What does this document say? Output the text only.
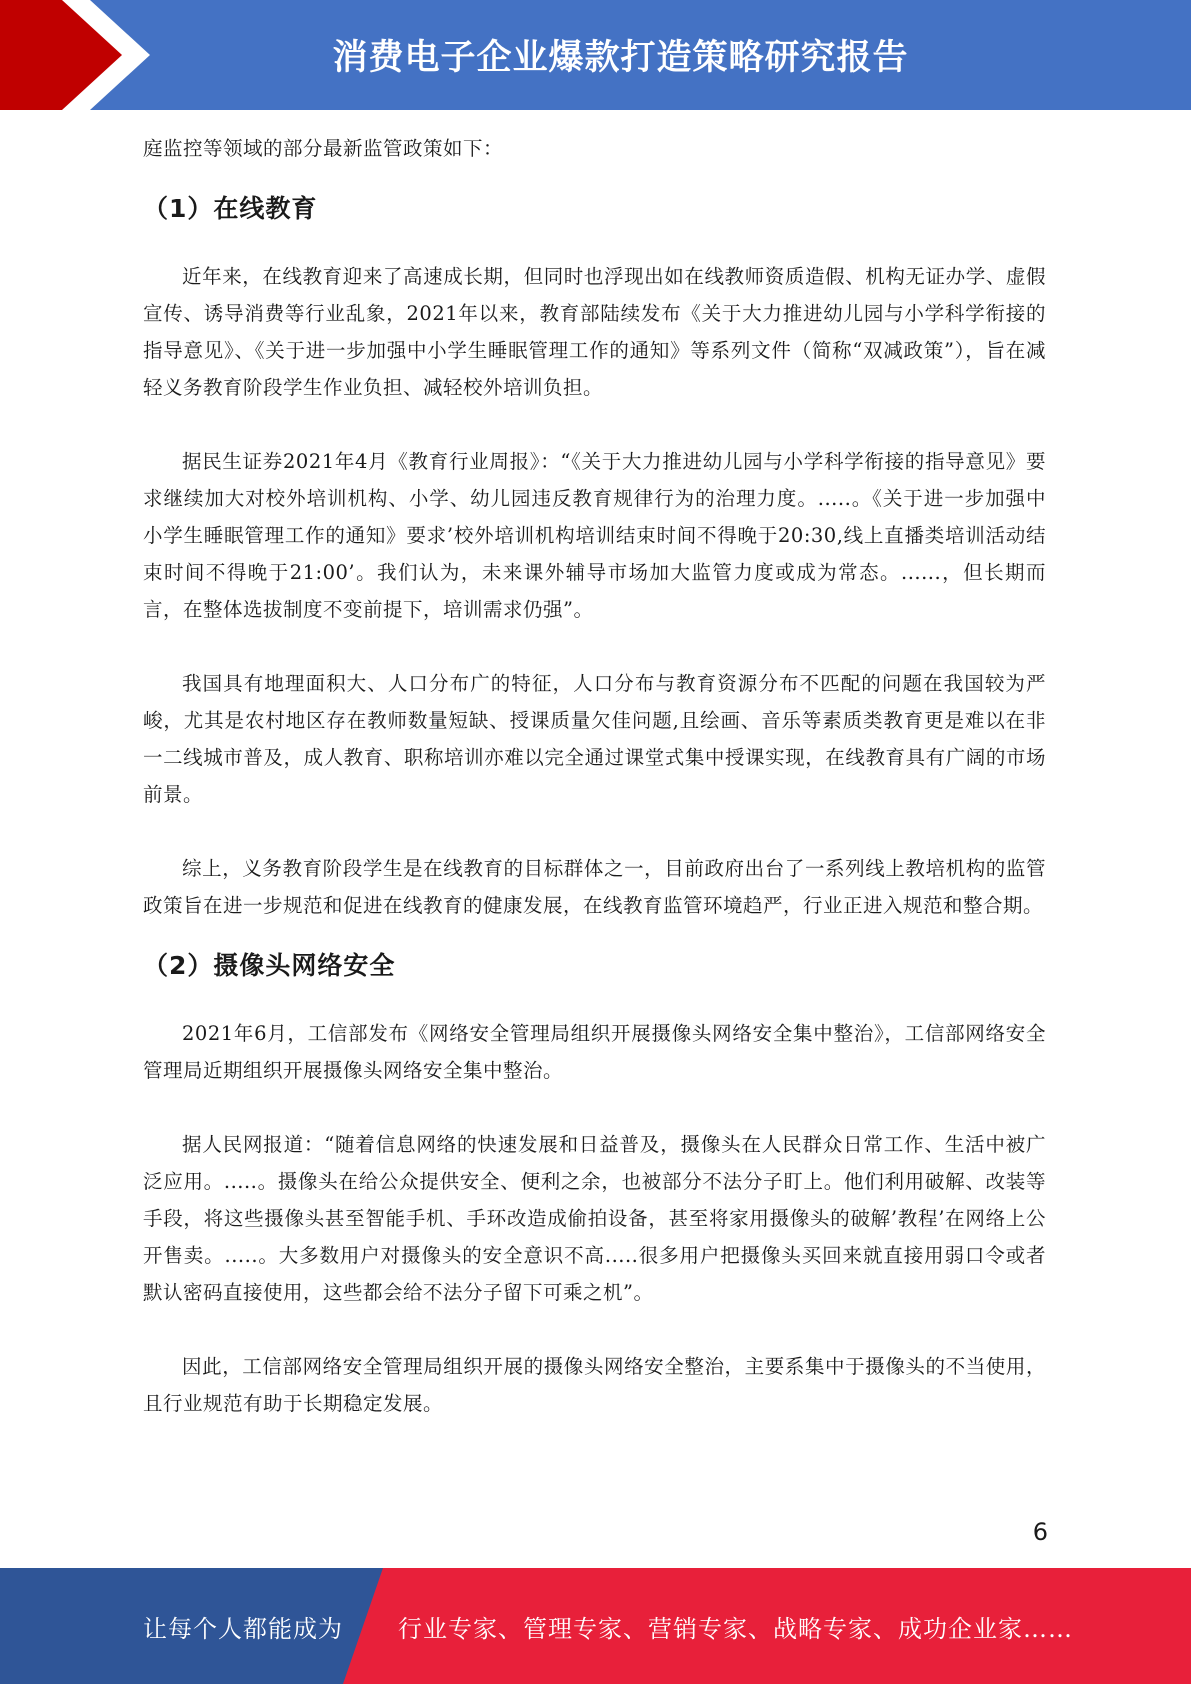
消费电子企业爆款打造策略研究报告

庭监控等领域的部分最新监管政策如下：

（1）在线教育

近年来，在线教育迎来了高速成长期，但同时也浮现出如在线教师资质造假、机构无证办学、虚假宣传、诱导消费等行业乱象，2021年以来，教育部陆续发布《关于大力推进幼儿园与小学科学衔接的指导意见》、《关于进一步加强中小学生睡眠管理工作的通知》等系列文件（简称“双减政策”），旨在减轻义务教育阶段学生作业负担、减轻校外培训负担。

据民生证券2021年4月《教育行业周报》：“《关于大力推进幼儿园与小学科学衔接的指导意见》要求继续加大对校外培训机构、小学、幼儿园违反教育规律行为的治理力度。.....。《关于进一步加强中小学生睡眠管理工作的通知》要求’校外培训机构培训结束时间不得晚于20:30,线上直播类培训活动结束时间不得晚于21:00’。我们认为，未来课外辅导市场加大监管力度或成为常态。......，但长期而言，在整体选拔制度不变前提下，培训需求仍强”。

我国具有地理面积大、人口分布广的特征，人口分布与教育资源分布不匹配的问题在我国较为严峻，尤其是农村地区存在教师数量短缺、授课质量欠佳问题,且绘画、音乐等素质类教育更是难以在非一二线城市普及，成人教育、职称培训亦难以完全通过课堂式集中授课实现，在线教育具有广阔的市场前景。

综上，义务教育阶段学生是在线教育的目标群体之一，目前政府出台了一系列线上教培机构的监管政策旨在进一步规范和促进在线教育的健康发展，在线教育监管环境趋严，行业正进入规范和整合期。

（2）摄像头网络安全

2021年6月，工信部发布《网络安全管理局组织开展摄像头网络安全集中整治》，工信部网络安全管理局近期组织开展摄像头网络安全集中整治。

据人民网报道：“随着信息网络的快速发展和日益普及，摄像头在人民群众日常工作、生活中被广泛应用。.....。摄像头在给公众提供安全、便利之余，也被部分不法分子盯上。他们利用破解、改装等手段，将这些摄像头甚至智能手机、手环改造成偷拍设备，甚至将家用摄像头的破解’教程’在网络上公开售卖。.....。大多数用户对摄像头的安全意识不高.....很多用户把摄像头买回来就直接用弱口令或者默认密码直接使用，这些都会给不法分子留下可乘之机”。

因此，工信部网络安全管理局组织开展的摄像头网络安全整治，主要系集中于摄像头的不当使用，且行业规范有助于长期稳定发展。

6
让每个人都能成为 行业专家、管理专家、营销专家、战略专家、成功企业家……
